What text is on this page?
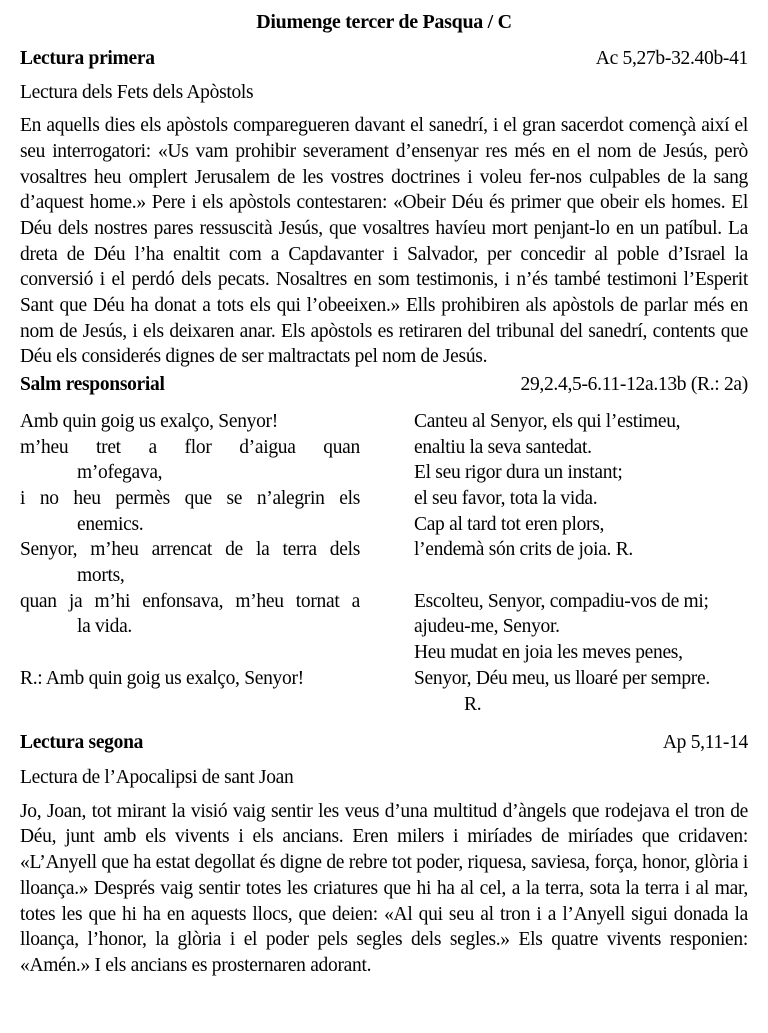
Diumenge tercer de Pasqua / C
Lectura primera	Ac 5,27b-32.40b-41
Lectura dels Fets dels Apòstols
En aquells dies els apòstols comparegueren davant el sanedrí, i el gran sacerdot començà així el seu interrogatori: «Us vam prohibir severament d’ensenyar res més en el nom de Jesús, però vosaltres heu omplert Jerusalem de les vostres doctrines i voleu fer-nos culpables de la sang d’aquest home.» Pere i els apòstols contestaren: «Obeir Déu és primer que obeir els homes. El Déu dels nostres pares ressuscità Jesús, que vosaltres havíeu mort penjant-lo en un patíbul. La dreta de Déu l’ha enaltit com a Capdavanter i Salvador, per concedir al poble d’Israel la conversió i el perdó dels pecats. Nosaltres en som testimonis, i n’és també testimoni l’Esperit Sant que Déu ha donat a tots els qui l’obeeixen.» Ells prohibiren als apòstols de parlar més en nom de Jesús, i els deixaren anar. Els apòstols es retiraren del tribunal del sanedrí, contents que Déu els considerés dignes de ser maltractats pel nom de Jesús.
Salm responsorial	29,2.4,5-6.11-12a.13b (R.: 2a)
Amb quin goig us exalço, Senyor!
m’heu tret a flor d’aigua quan
m’ofegava,
i no heu permès que se n’alegrin els
enemics.
Senyor, m’heu arrencat de la terra dels
morts,
quan ja m’hi enfonsava, m’heu tornat a
la vida.

R.: Amb quin goig us exalço, Senyor!
Canteu al Senyor, els qui l’estimeu,
enaltiu la seva santedat.
El seu rigor dura un instant;
el seu favor, tota la vida.
Cap al tard tot eren plors,
l’endemà són crits de joia. R.

Escolteu, Senyor, compadiu-vos de mi;
ajudeu-me, Senyor.
Heu mudat en joia les meves penes,
Senyor, Déu meu, us lloaré per sempre.
R.
Lectura segona	Ap 5,11-14
Lectura de l’Apocalipsi de sant Joan
Jo, Joan, tot mirant la visió vaig sentir les veus d’una multitud d’àngels que rodejava el tron de Déu, junt amb els vivents i els ancians. Eren milers i miríades de miríades que cridaven: «L’Anyell que ha estat degollat és digne de rebre tot poder, riquesa, saviesa, força, honor, glòria i lloança.» Després vaig sentir totes les criatures que hi ha al cel, a la terra, sota la terra i al mar, totes les que hi ha en aquests llocs, que deien: «Al qui seu al tron i a l’Anyell sigui donada la lloança, l’honor, la glòria i el poder pels segles dels segles.» Els quatre vivents responien: «Amén.» I els ancians es prosternaren adorant.
